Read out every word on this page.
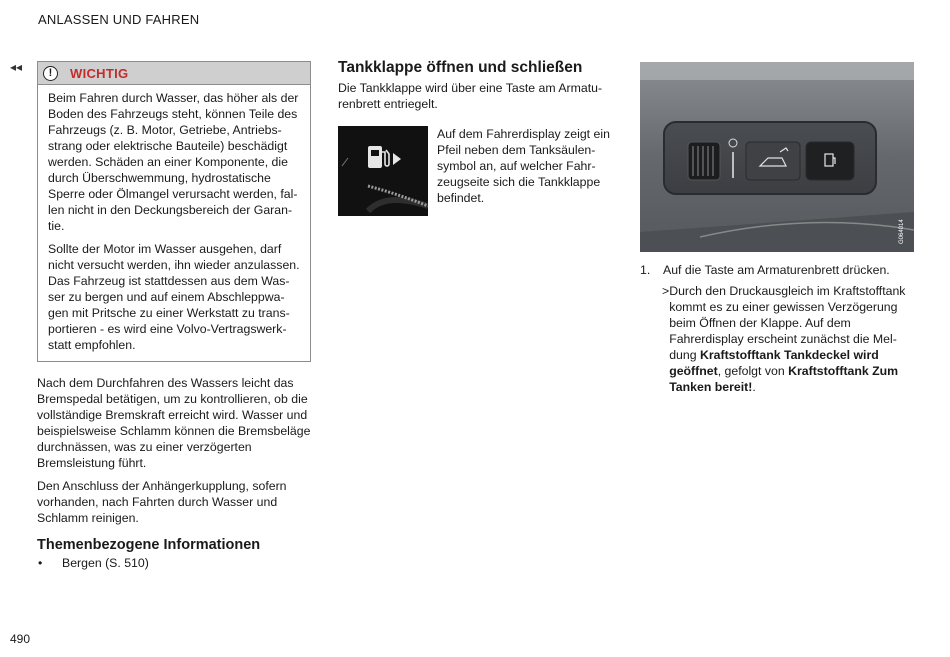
ANLASSEN UND FAHREN
◂◂	!	WICHTIG

Beim Fahren durch Wasser, das höher als der Boden des Fahrzeugs steht, können Teile des Fahrzeugs (z. B. Motor, Getriebe, Antriebsstrang oder elektrische Bauteile) beschädigt werden. Schäden an einer Komponente, die durch Überschwemmung, hydrostatische Sperre oder Ölmangel verursacht werden, fallen nicht in den Deckungsbereich der Garantie.

Sollte der Motor im Wasser ausgehen, darf nicht versucht werden, ihn wieder anzulassen. Das Fahrzeug ist stattdessen aus dem Wasser zu bergen und auf einem Abschleppwagen mit Pritsche zu einer Werkstatt zu transportieren - es wird eine Volvo-Vertragswerkstatt empfohlen.

Nach dem Durchfahren des Wassers leicht das Bremspedal betätigen, um zu kontrollieren, ob die vollständige Bremskraft erreicht wird. Wasser und beispielsweise Schlamm können die Bremsbeläge durchnässen, was zu einer verzögerten Bremsleistung führt.

Den Anschluss der Anhängerkupplung, sofern vorhanden, nach Fahrten durch Wasser und Schlamm reinigen.

Themenbezogene Informationen
•	Bergen (S. 510)
Tankklappe öffnen und schließen

Die Tankklappe wird über eine Taste am Armaturenbrett entriegelt.

Auf dem Fahrerdisplay zeigt ein Pfeil neben dem Tanksäulensymbol an, auf welcher Fahrzeugseite sich die Tankklappe befindet.

G064014
1.	Auf die Taste am Armaturenbrett drücken.

> Durch den Druckausgleich im Kraftstofftank kommt es zu einer gewissen Verzögerung beim Öffnen der Klappe. Auf dem Fahrerdisplay erscheint zunächst die Meldung Kraftstofftank Tankdeckel wird geöffnet, gefolgt von Kraftstofftank Zum Tanken bereit!.

490
